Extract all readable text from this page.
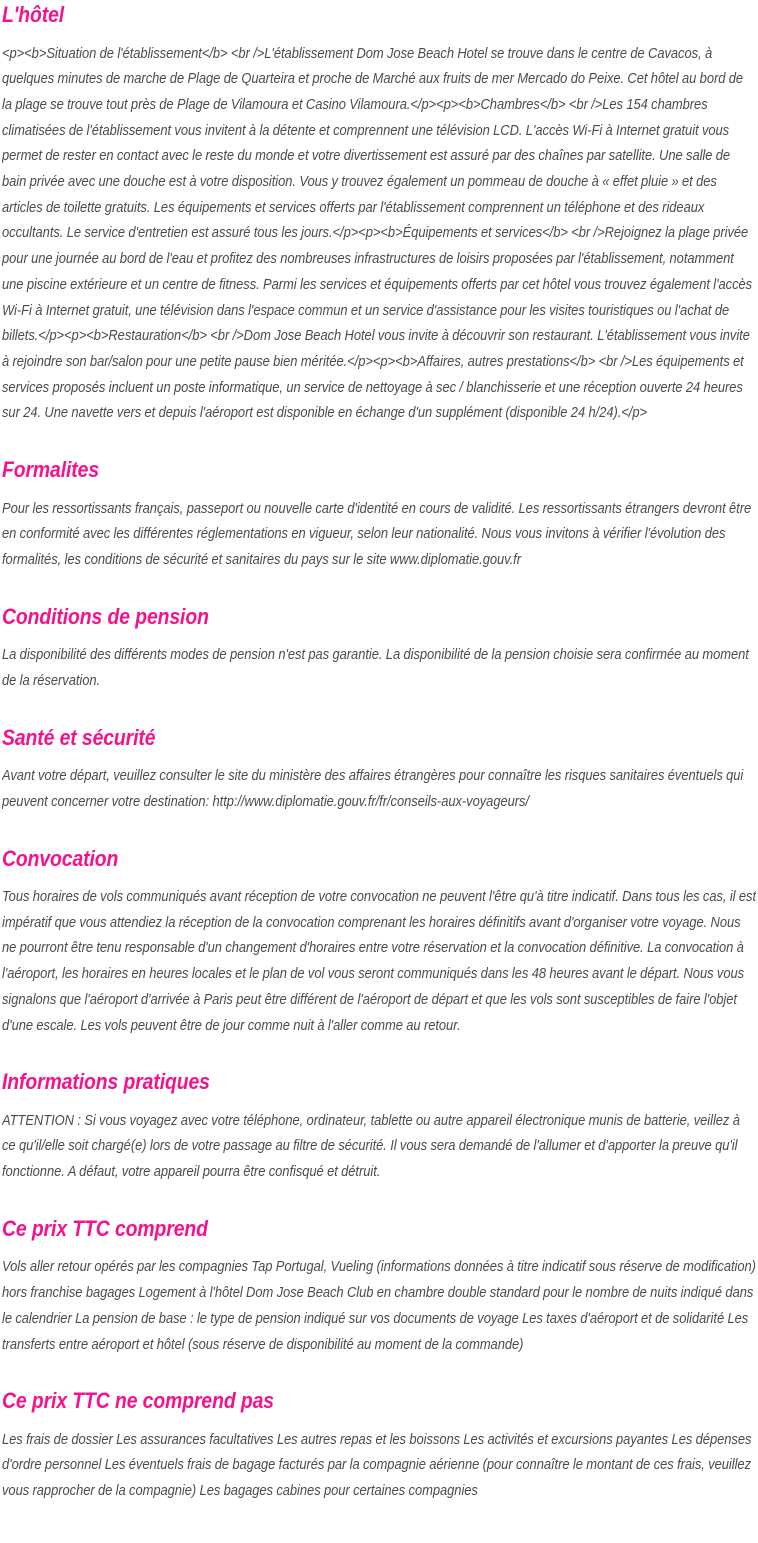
L'hôtel

<p><b>Situation de l'établissement</b> <br />L'établissement Dom Jose Beach Hotel se trouve dans le centre de Cavacos, à quelques minutes de marche de Plage de Quarteira et proche de Marché aux fruits de mer Mercado do Peixe. Cet hôtel au bord de la plage se trouve tout près de Plage de Vilamoura et Casino Vilamoura.</p><p><b>Chambres</b> <br />Les 154 chambres climatisées de l'établissement vous invitent à la détente et comprennent une télévision LCD. L'accès Wi-Fi à Internet gratuit vous permet de rester en contact avec le reste du monde et votre divertissement est assuré par des chaînes par satellite. Une salle de bain privée avec une douche est à votre disposition. Vous y trouvez également un pommeau de douche à « effet pluie » et des articles de toilette gratuits. Les équipements et services offerts par l'établissement comprennent un téléphone et des rideaux occultants. Le service d'entretien est assuré tous les jours.</p><p><b>Équipements et services</b> <br />Rejoignez la plage privée pour une journée au bord de l'eau et profitez des nombreuses infrastructures de loisirs proposées par l'établissement, notamment une piscine extérieure et un centre de fitness. Parmi les services et équipements offerts par cet hôtel vous trouvez également l'accès Wi-Fi à Internet gratuit, une télévision dans l'espace commun et un service d'assistance pour les visites touristiques ou l'achat de billets.</p><p><b>Restauration</b> <br />Dom Jose Beach Hotel vous invite à découvrir son restaurant. L'établissement vous invite à rejoindre son bar/salon pour une petite pause bien méritée.</p><p><b>Affaires, autres prestations</b> <br />Les équipements et services proposés incluent un poste informatique, un service de nettoyage à sec / blanchisserie et une réception ouverte 24 heures sur 24. Une navette vers et depuis l'aéroport est disponible en échange d'un supplément (disponible 24 h/24).</p>

Formalites

Pour les ressortissants français, passeport ou nouvelle carte d'identité en cours de validité. Les ressortissants étrangers devront être en conformité avec les différentes réglementations en vigueur, selon leur nationalité. Nous vous invitons à vérifier l'évolution des formalités, les conditions de sécurité et sanitaires du pays sur le site www.diplomatie.gouv.fr

Conditions de pension

La disponibilité des différents modes de pension n'est pas garantie. La disponibilité de la pension choisie sera confirmée au moment de la réservation.

Santé et sécurité

Avant votre départ, veuillez consulter le site du ministère des affaires étrangères pour connaître les risques sanitaires éventuels qui peuvent concerner votre destination: http://www.diplomatie.gouv.fr/fr/conseils-aux-voyageurs/

Convocation

Tous horaires de vols communiqués avant réception de votre convocation ne peuvent l'être qu'à titre indicatif. Dans tous les cas, il est impératif que vous attendiez la réception de la convocation comprenant les horaires définitifs avant d'organiser votre voyage. Nous ne pourront être tenu responsable d'un changement d'horaires entre votre réservation et la convocation définitive. La convocation à l'aéroport, les horaires en heures locales et le plan de vol vous seront communiqués dans les 48 heures avant le départ. Nous vous signalons que l'aéroport d'arrivée à Paris peut être différent de l'aéroport de départ et que les vols sont susceptibles de faire l'objet d'une escale. Les vols peuvent être de jour comme nuit à l'aller comme au retour.

Informations pratiques

ATTENTION : Si vous voyagez avec votre téléphone, ordinateur, tablette ou autre appareil électronique munis de batterie, veillez à ce qu'il/elle soit chargé(e) lors de votre passage au filtre de sécurité. Il vous sera demandé de l'allumer et d'apporter la preuve qu'il fonctionne. A défaut, votre appareil pourra être confisqué et détruit.

Ce prix TTC comprend

Vols aller retour opérés par les compagnies Tap Portugal, Vueling (informations données à titre indicatif sous réserve de modification) hors franchise bagages Logement à l'hôtel Dom Jose Beach Club en chambre double standard pour le nombre de nuits indiqué dans le calendrier La pension de base : le type de pension indiqué sur vos documents de voyage Les taxes d'aéroport et de solidarité Les transferts entre aéroport et hôtel (sous réserve de disponibilité au moment de la commande)

Ce prix TTC ne comprend pas

Les frais de dossier Les assurances facultatives Les autres repas et les boissons Les activités et excursions payantes Les dépenses d'ordre personnel Les éventuels frais de bagage facturés par la compagnie aérienne (pour connaître le montant de ces frais, veuillez vous rapprocher de la compagnie) Les bagages cabines pour certaines compagnies
